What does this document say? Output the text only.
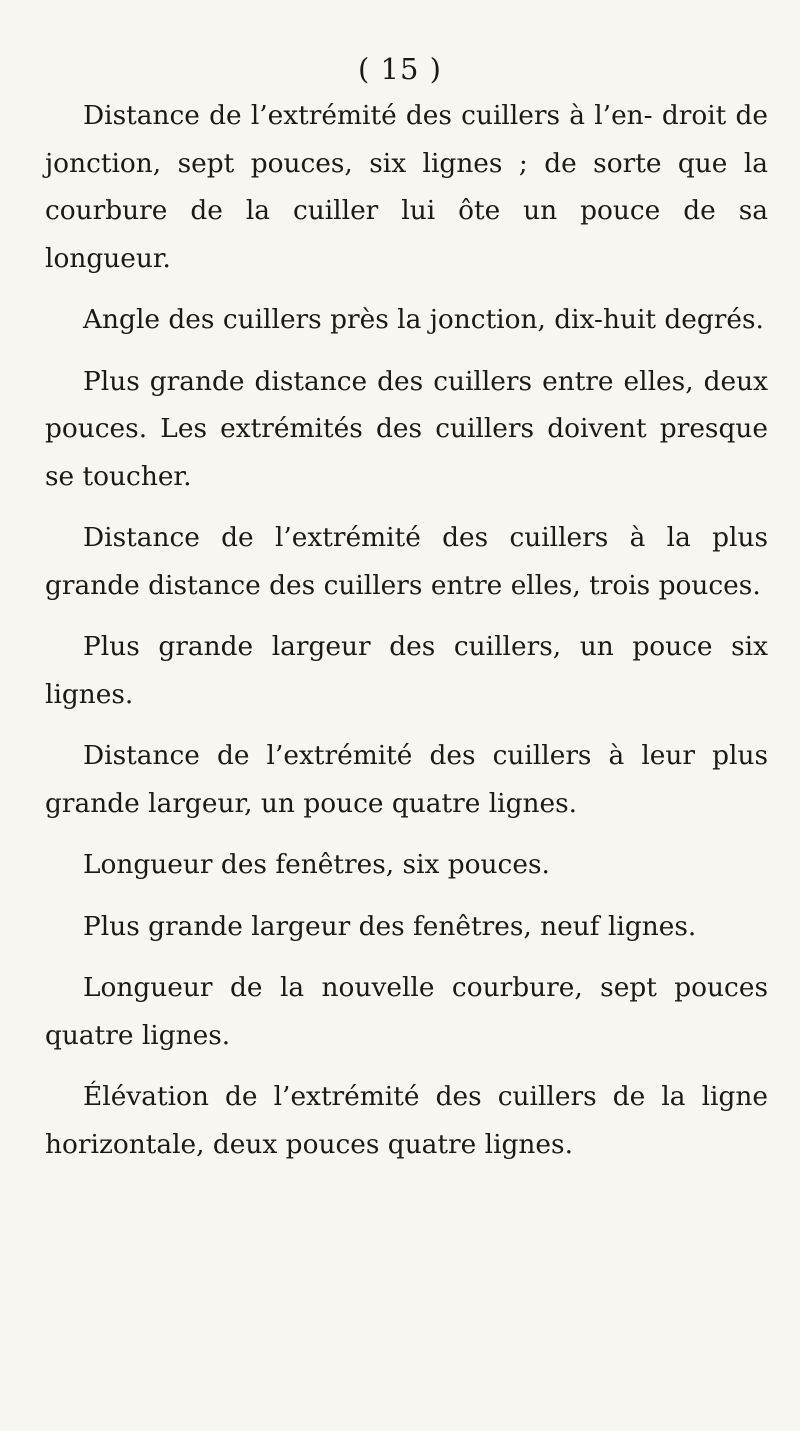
( 15 )

Distance de l’extrémité des cuillers à l’en- droit de jonction, sept pouces, six lignes ; de sorte que la courbure de la cuiller lui ôte un pouce de sa longueur.

Angle des cuillers près la jonction, dix-huit degrés.

Plus grande distance des cuillers entre elles, deux pouces. Les extrémités des cuillers doivent presque se toucher.

Distance de l’extrémité des cuillers à la plus grande distance des cuillers entre elles, trois pouces.

Plus grande largeur des cuillers, un pouce six lignes.

Distance de l’extrémité des cuillers à leur plus grande largeur, un pouce quatre lignes.

Longueur des fenêtres, six pouces.

Plus grande largeur des fenêtres, neuf lignes.

Longueur de la nouvelle courbure, sept pouces quatre lignes.

Élévation de l’extrémité des cuillers de la ligne horizontale, deux pouces quatre lignes.
